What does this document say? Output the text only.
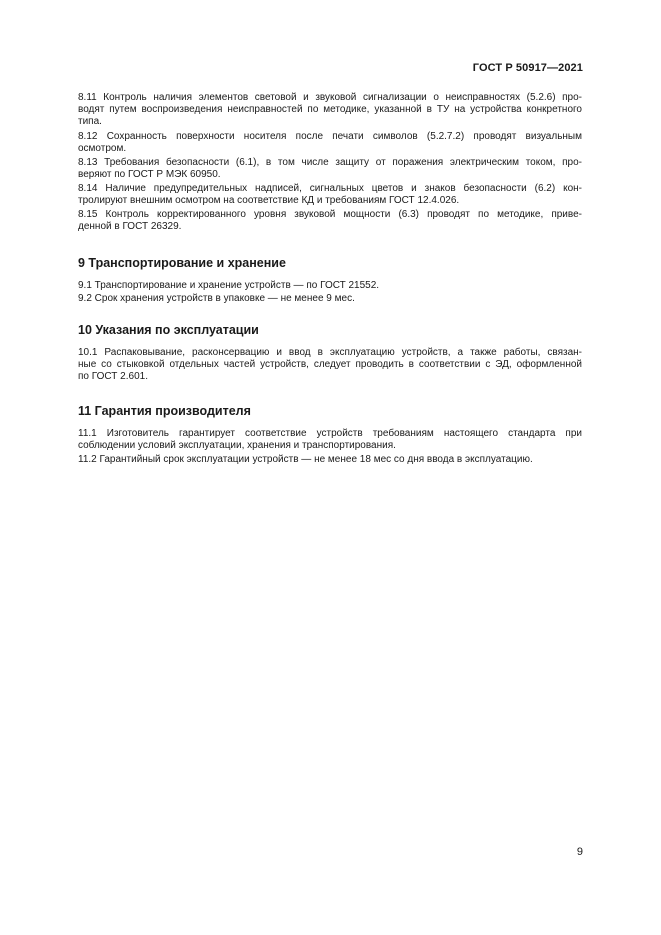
ГОСТ Р 50917—2021
8.11 Контроль наличия элементов световой и звуковой сигнализации о неисправностях (5.2.6) про-
водят путем воспроизведения неисправностей по методике, указанной в ТУ на устройства конкретного
типа.
8.12 Сохранность поверхности носителя после печати символов (5.2.7.2) проводят визуальным
осмотром.
8.13 Требования безопасности (6.1), в том числе защиту от поражения электрическим током, про-
веряют по ГОСТ Р МЭК 60950.
8.14 Наличие предупредительных надписей, сигнальных цветов и знаков безопасности (6.2) кон-
тролируют внешним осмотром на соответствие КД и требованиям ГОСТ 12.4.026.
8.15 Контроль корректированного уровня звуковой мощности (6.3) проводят по методике, приве-
денной в ГОСТ 26329.
9 Транспортирование и хранение
9.1 Транспортирование и хранение устройств — по ГОСТ 21552.
9.2 Срок хранения устройств в упаковке — не менее 9 мес.
10 Указания по эксплуатации
10.1 Распаковывание, расконсервацию и ввод в эксплуатацию устройств, а также работы, связан-
ные со стыковкой отдельных частей устройств, следует проводить в соответствии с ЭД, оформленной
по ГОСТ 2.601.
11 Гарантия производителя
11.1 Изготовитель гарантирует соответствие устройств требованиям настоящего стандарта при
соблюдении условий эксплуатации, хранения и транспортирования.
11.2 Гарантийный срок эксплуатации устройств — не менее 18 мес со дня ввода в эксплуатацию.
9
